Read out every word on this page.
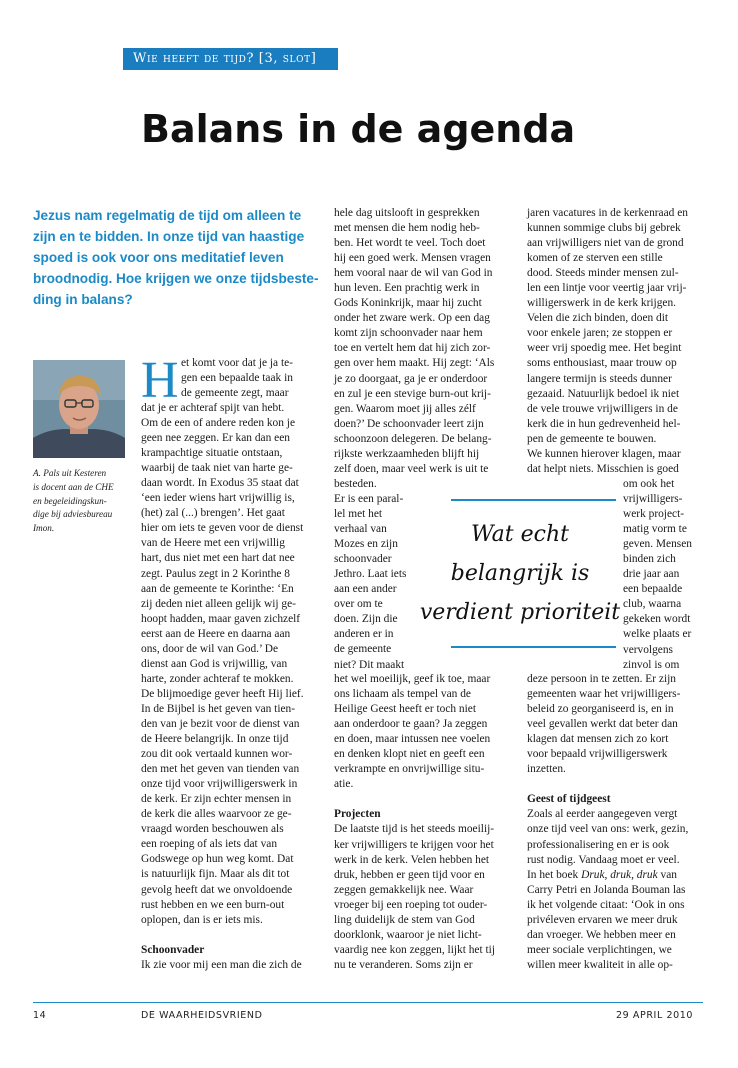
Wie heeft de tijd? [3, slot]
Balans in de agenda
Jezus nam regelmatig de tijd om alleen te
zijn en te bidden. In onze tijd van haastige
spoed is ook voor ons meditatief leven
broodnodig. Hoe krijgen we onze tijdsbeste-
ding in balans?
A. Pals uit Kesteren
is docent aan de CHE
en begeleidingskun-
dige bij adviesbureau
Imon.
H et komt voor dat je ja te-
gen een bepaalde taak in
de gemeente zegt, maar
dat je er achteraf spijt van hebt.
Om de een of andere reden kon je
geen nee zeggen. Er kan dan een
krampachtige situatie ontstaan,
waarbij de taak niet van harte ge-
daan wordt. In Exodus 35 staat dat
‘een ieder wiens hart vrijwillig is,
(het) zal (...) brengen’. Het gaat
hier om iets te geven voor de dienst
van de Heere met een vrijwillig
hart, dus niet met een hart dat nee
zegt. Paulus zegt in 2 Korinthe 8
aan de gemeente te Korinthe: ‘En
zij deden niet alleen gelijk wij ge-
hoopt hadden, maar gaven zichzelf
eerst aan de Heere en daarna aan
ons, door de wil van God.’ De
dienst aan God is vrijwillig, van
harte, zonder achteraf te mokken.
De blijmoedige gever heeft Hij lief.
In de Bijbel is het geven van tien-
den van je bezit voor de dienst van
de Heere belangrijk. In onze tijd
zou dit ook vertaald kunnen wor-
den met het geven van tienden van
onze tijd voor vrijwilligerswerk in
de kerk. Er zijn echter mensen in
de kerk die alles waarvoor ze ge-
vraagd worden beschouwen als
een roeping of als iets dat van
Godswege op hun weg komt. Dat
is natuurlijk fijn. Maar als dit tot
gevolg heeft dat we onvoldoende
rust hebben en we een burn-out
oplopen, dan is er iets mis.
Schoonvader
Ik zie voor mij een man die zich de
hele dag uitslooft in gesprekken
met mensen die hem nodig heb-
ben. Het wordt te veel. Toch doet
hij een goed werk. Mensen vragen
hem vooral naar de wil van God in
hun leven. Een prachtig werk in
Gods Koninkrijk, maar hij zucht
onder het zware werk. Op een dag
komt zijn schoonvader naar hem
toe en vertelt hem dat hij zich zor-
gen over hem maakt. Hij zegt: ‘Als
je zo doorgaat, ga je er onderdoor
en zul je een stevige burn-out krij-
gen. Waarom moet jij alles zélf
doen?’ De schoonvader leert zijn
schoonzoon delegeren. De belang-
rijkste werkzaamheden blijft hij
zelf doen, maar veel werk is uit te
besteden.
Er is een paral-
lel met het
verhaal van
Mozes en zijn
schoonvader
Jethro. Laat iets
aan een ander
over om te
doen. Zijn die
anderen er in
de gemeente
niet? Dit maakt
het wel moeilijk, geef ik toe, maar
ons lichaam als tempel van de
Heilige Geest heeft er toch niet
aan onderdoor te gaan? Ja zeggen
en doen, maar intussen nee voelen
en denken klopt niet en geeft een
verkrampte en onvrijwillige situ-
atie.
Projecten
De laatste tijd is het steeds moeilij-
ker vrijwilligers te krijgen voor het
werk in de kerk. Velen hebben het
druk, hebben er geen tijd voor en
zeggen gemakkelijk nee. Waar
vroeger bij een roeping tot ouder-
ling duidelijk de stem van God
doorklonk, waaroor je niet licht-
vaardig nee kon zeggen, lijkt het tij
nu te veranderen. Soms zijn er
jaren vacatures in de kerkenraad en
kunnen sommige clubs bij gebrek
aan vrijwilligers niet van de grond
komen of ze sterven een stille
dood. Steeds minder mensen zul-
len een lintje voor veertig jaar vrij-
willigerswerk in de kerk krijgen.
Velen die zich binden, doen dit
voor enkele jaren; ze stoppen er
weer vrij spoedig mee. Het begint
soms enthousiast, maar trouw op
langere termijn is steeds dunner
gezaaid. Natuurlijk bedoel ik niet
de vele trouwe vrijwilligers in de
kerk die in hun gedrevenheid hel-
pen de gemeente te bouwen.
We kunnen hierover klagen, maar
dat helpt niets. Misschien is goed
om ook het
vrijwilligers-
werk project-
matig vorm te
geven. Mensen
binden zich
drie jaar aan
een bepaalde
club, waarna
gekeken wordt
welke plaats er
vervolgens
zinvol is om
deze persoon in te zetten. Er zijn
gemeenten waar het vrijwilligers-
beleid zo georganiseerd is, en in
veel gevallen werkt dat beter dan
klagen dat mensen zich zo kort
voor bepaald vrijwilligerswerk
inzetten.
Geest of tijdgeest
Zoals al eerder aangegeven vergt
onze tijd veel van ons: werk, gezin,
professionalisering en er is ook
rust nodig. Vandaag moet er veel.
In het boek Druk, druk, druk van
Carry Petri en Jolanda Bouman las
ik het volgende citaat: ‘Ook in ons
privéleven ervaren we meer druk
dan vroeger. We hebben meer en
meer sociale verplichtingen, we
willen meer kwaliteit in alle op-
Wat echt
belangrijk is
verdient prioriteit
14	DE WAARHEIDSVRIEND	29 APRIL 2010
